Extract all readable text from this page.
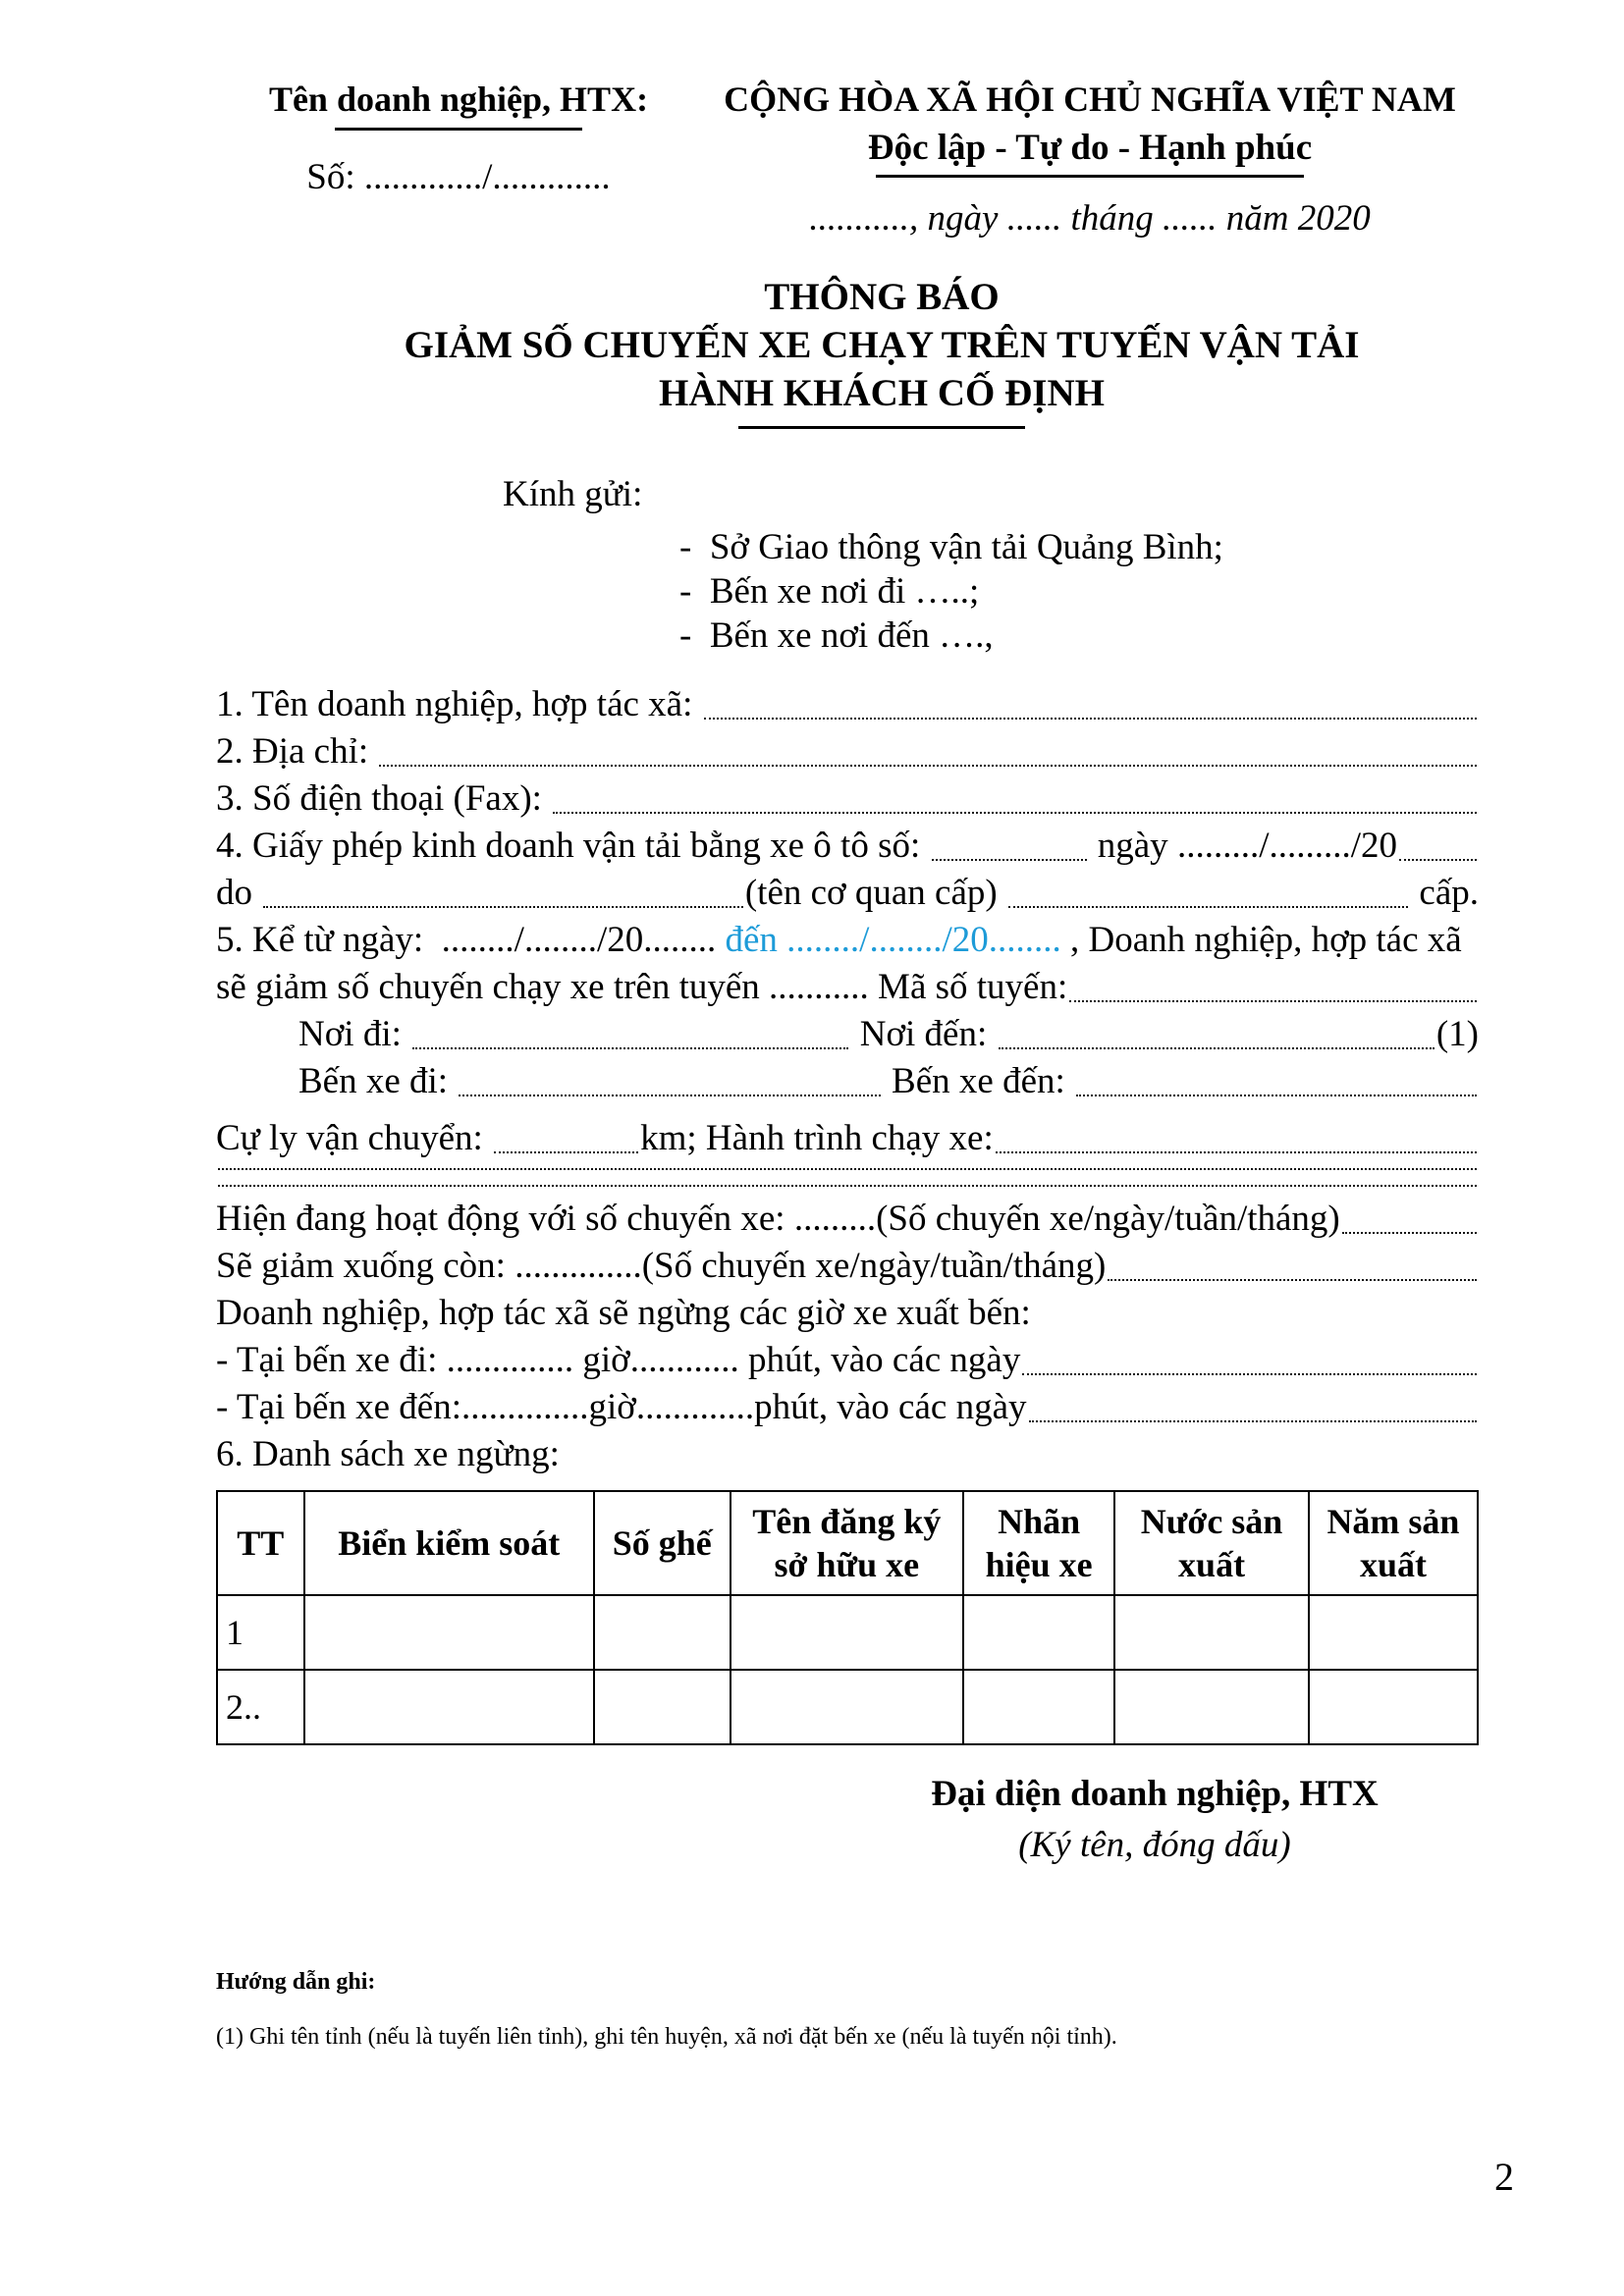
Tên doanh nghiệp, HTX:
Số: ............./.............
CỘNG HÒA XÃ HỘI CHỦ NGHĨA VIỆT NAM
Độc lập - Tự do - Hạnh phúc
..........., ngày ...... tháng ...... năm 2020
THÔNG BÁO
GIẢM SỐ CHUYẾN XE CHẠY TRÊN TUYẾN VẬN TẢI
HÀNH KHÁCH CỐ ĐỊNH
Kính gửi:
-  Sở Giao thông vận tải Quảng Bình;
-  Bến xe nơi đi …..;
-  Bến xe nơi đến ….,
1. Tên doanh nghiệp, hợp tác xã:
2. Địa chỉ:
3. Số điện thoại (Fax):
4. Giấy phép kinh doanh vận tải bằng xe ô tô số:	ngày ........./........./20
do	(tên cơ quan cấp)	cấp.
5. Kể từ ngày:  ......../......../20........ đến ......../......../20........ , Doanh nghiệp, hợp tác xã
sẽ giảm số chuyến chạy xe trên tuyến ........... Mã số tuyến:
Nơi đi:	Nơi đến:	(1)
Bến xe đi:	Bến xe đến:
Cự ly vận chuyển:	km; Hành trình chạy xe:
Hiện đang hoạt động với số chuyến xe: ......... (Số chuyến xe/ngày/tuần/tháng)
Sẽ giảm xuống còn: .............. (Số chuyến xe/ngày/tuần/tháng)
Doanh nghiệp, hợp tác xã sẽ ngừng các giờ xe xuất bến:
- Tại bến xe đi: .............. giờ............ phút, vào các ngày
- Tại bến xe đến:..............giờ.............phút, vào các ngày
6. Danh sách xe ngừng:
TT	Biển kiểm soát	Số ghế	Tên đăng ký sở hữu xe	Nhãn hiệu xe	Nước sản xuất	Năm sản xuất
1						
2..						
Đại diện doanh nghiệp, HTX
(Ký tên, đóng dấu)
Hướng dẫn ghi:
(1) Ghi tên tỉnh (nếu là tuyến liên tỉnh), ghi tên huyện, xã nơi đặt bến xe (nếu là tuyến nội tỉnh).
2
